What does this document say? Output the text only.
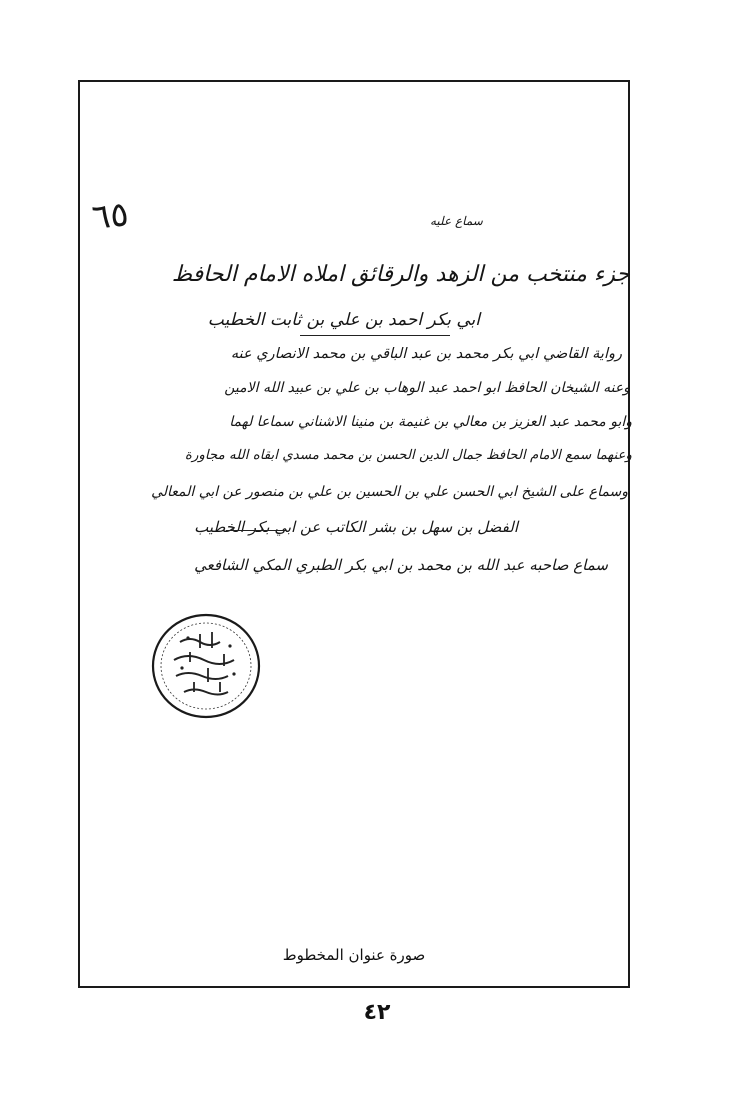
٦٥	سماع عليه
جزء منتخب من الزهد والرقائق املاه الامام الحافظ
ابي بكر احمد بن علي بن ثابت الخطيب
رواية القاضي ابي بكر محمد بن عبد الباقي بن محمد الانصاري عنه
وعنه الشيخان الحافظ ابو احمد عبد الوهاب بن علي بن عبيد الله الامين
وابو محمد عبد العزيز بن معالي بن غنيمة بن منينا الاشناني سماعا لهما
وعنهما سمع الامام الحافظ جمال الدين الحسن بن محمد مسدي ابقاه الله مجاورة
وسماع على الشيخ ابي الحسن علي بن الحسين بن علي بن منصور عن ابي المعالي
الفضل بن سهل بن بشر الكاتب عن ابي بكر الخطيب
سماع صاحبه عبد الله بن محمد بن ابي بكر الطبري المكي الشافعي
صورة عنوان المخطوط
٤٢
